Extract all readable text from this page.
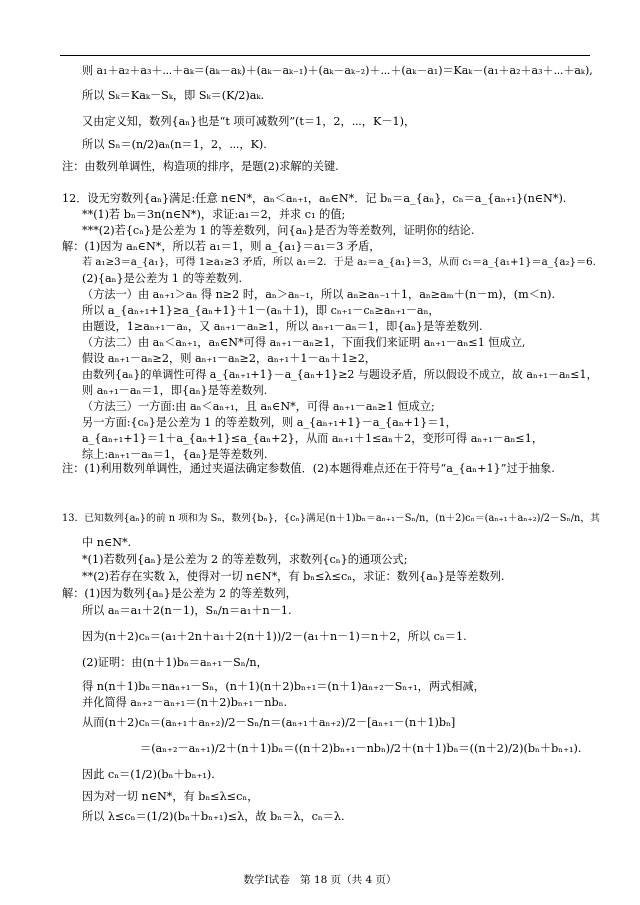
则 a₁＋a₂＋a₃＋⋯＋aₖ＝(aₖ－aₖ)＋(aₖ－aₖ₋₁)＋(aₖ－aₖ₋₂)＋⋯＋(aₖ－a₁)＝Kaₖ－(a₁＋a₂＋a₃＋⋯＋aₖ),
所以 Sₖ＝Kaₖ－Sₖ，即 Sₖ＝(K/2)aₖ.
又由定义知，数列{aₙ}也是“t 项可减数列”(t＝1，2，⋯，K－1)，
所以 Sₙ＝(n/2)aₙ(n＝1，2，⋯，K).
注：由数列单调性，构造项的排序，是题(2)求解的关键.
12．设无穷数列{aₙ}满足:任意 n∈N*，aₙ＜aₙ₊₁，aₙ∈N*．记 bₙ＝a_{aₙ}，cₙ＝a_{aₙ₊₁}(n∈N*).
**(1)若 bₙ＝3n(n∈N*)，求证:a₁＝2，并求 c₁ 的值;
***(2)若{cₙ}是公差为 1 的等差数列，问{aₙ}是否为等差数列，证明你的结论.
解：(1)因为 aₙ∈N*，所以若 a₁＝1，则 a_{a₁}＝a₁＝3 矛盾，
若 a₁≥3＝a_{a₁}，可得 1≥a₁≥3 矛盾，所以 a₁＝2．于是 a₂＝a_{a₁}＝3，从而 c₁＝a_{a₁+1}＝a_{a₂}＝6.
(2){aₙ}是公差为 1 的等差数列.
（方法一）由 aₙ₊₁＞aₙ 得 n≥2 时，aₙ＞aₙ₋₁，所以 aₙ≥aₙ₋₁＋1，aₙ≥aₘ＋(n－m)，(m＜n).
所以 a_{aₙ₊₁+1}≥a_{aₙ+1}＋1－(aₙ＋1)，即 cₙ₊₁－cₙ≥aₙ₊₁－aₙ，
由题设，1≥aₙ₊₁－aₙ，又 aₙ₊₁－aₙ≥1，所以 aₙ₊₁－aₙ＝1，即{aₙ}是等差数列.
（方法二）由 aₙ＜aₙ₊₁，aₙ∈N*可得 aₙ₊₁－aₙ≥1，下面我们来证明 aₙ₊₁－aₙ≤1 恒成立,
假设 aₙ₊₁－aₙ≥2，则 aₙ₊₁－aₙ≥2，aₙ₊₁＋1－aₙ＋1≥2，
由数列{aₙ}的单调性可得 a_{aₙ₊₁+1}－a_{aₙ+1}≥2 与题设矛盾，所以假设不成立，故 aₙ₊₁－aₙ≤1，
则 aₙ₊₁－aₙ＝1，即{aₙ}是等差数列.
（方法三）一方面:由 aₙ＜aₙ₊₁，且 aₙ∈N*，可得 aₙ₊₁－aₙ≥1 恒成立;
另一方面:{cₙ}是公差为 1 的等差数列，则 a_{aₙ₊₁+1}－a_{aₙ+1}＝1，
a_{aₙ₊₁+1}＝1＋a_{aₙ+1}≤a_{aₙ+2}，从而 aₙ₊₁＋1≤aₙ＋2，变形可得 aₙ₊₁－aₙ≤1，
综上:aₙ₊₁－aₙ＝1，{aₙ}是等差数列.
注：(1)利用数列单调性，通过夹逼法确定参数值．(2)本题得难点还在于符号“a_{aₙ+1}”过于抽象.
13．已知数列{aₙ}的前 n 项和为 Sₙ，数列{bₙ}，{cₙ}满足(n＋1)bₙ＝aₙ₊₁－Sₙ/n，(n＋2)cₙ＝(aₙ₊₁＋aₙ₊₂)/2－Sₙ/n，其
中 n∈N*.
*(1)若数列{aₙ}是公差为 2 的等差数列，求数列{cₙ}的通项公式;
**(2)若存在实数 λ，使得对一切 n∈N*，有 bₙ≤λ≤cₙ，求证：数列{aₙ}是等差数列.
解：(1)因为数列{aₙ}是公差为 2 的等差数列，
所以 aₙ＝a₁＋2(n－1)，Sₙ/n＝a₁＋n－1.
因为(n＋2)cₙ＝(a₁＋2n＋a₁＋2(n＋1))/2－(a₁＋n－1)＝n＋2，所以 cₙ＝1.
(2)证明：由(n＋1)bₙ＝aₙ₊₁－Sₙ/n，
得 n(n＋1)bₙ＝naₙ₊₁－Sₙ，(n＋1)(n＋2)bₙ₊₁＝(n＋1)aₙ₊₂－Sₙ₊₁，两式相减，
并化简得 aₙ₊₂－aₙ₊₁＝(n＋2)bₙ₊₁－nbₙ.
从而(n＋2)cₙ＝(aₙ₊₁＋aₙ₊₂)/2－Sₙ/n＝(aₙ₊₁＋aₙ₊₂)/2－[aₙ₊₁－(n＋1)bₙ]
＝(aₙ₊₂－aₙ₊₁)/2＋(n＋1)bₙ＝((n＋2)bₙ₊₁－nbₙ)/2＋(n＋1)bₙ＝((n＋2)/2)(bₙ＋bₙ₊₁).
因此 cₙ＝(1/2)(bₙ＋bₙ₊₁).
因为对一切 n∈N*，有 bₙ≤λ≤cₙ，
所以 λ≤cₙ＝(1/2)(bₙ＋bₙ₊₁)≤λ，故 bₙ＝λ，cₙ＝λ.
数学Ⅰ试卷　第 18 页（共 4 页）
